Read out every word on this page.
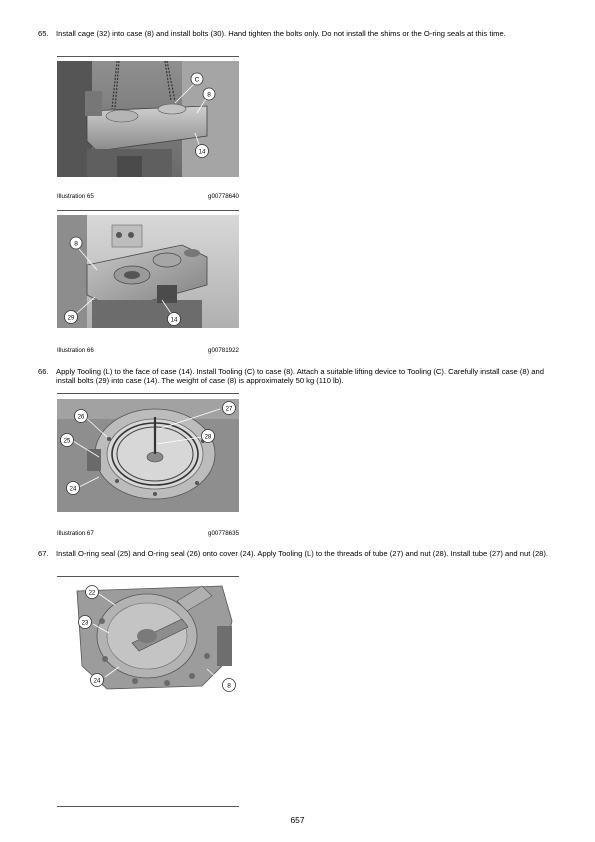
65. Install cage (32) into case (8) and install bolts (30). Hand tighten the bolts only. Do not install the shims or the O-ring seals at this time.
C
8
14
Illustration 65	g00778640
8
29	14
Illustration 66	g00781922
66. Apply Tooling (L) to the face of case (14). Install Tooling (C) to case (8). Attach a suitable lifting device to Tooling (C). Carefully install case (8) and install bolts (29) into case (14). The weight of case (8) is approximately 50 kg (110 lb).
27
26
28
25
24
Illustration 67	g00778635
67. Install O-ring seal (25) and O-ring seal (26) onto cover (24). Apply Tooling (L) to the threads of tube (27) and nut (28). Install tube (27) and nut (28).
22
23
24
8
657
